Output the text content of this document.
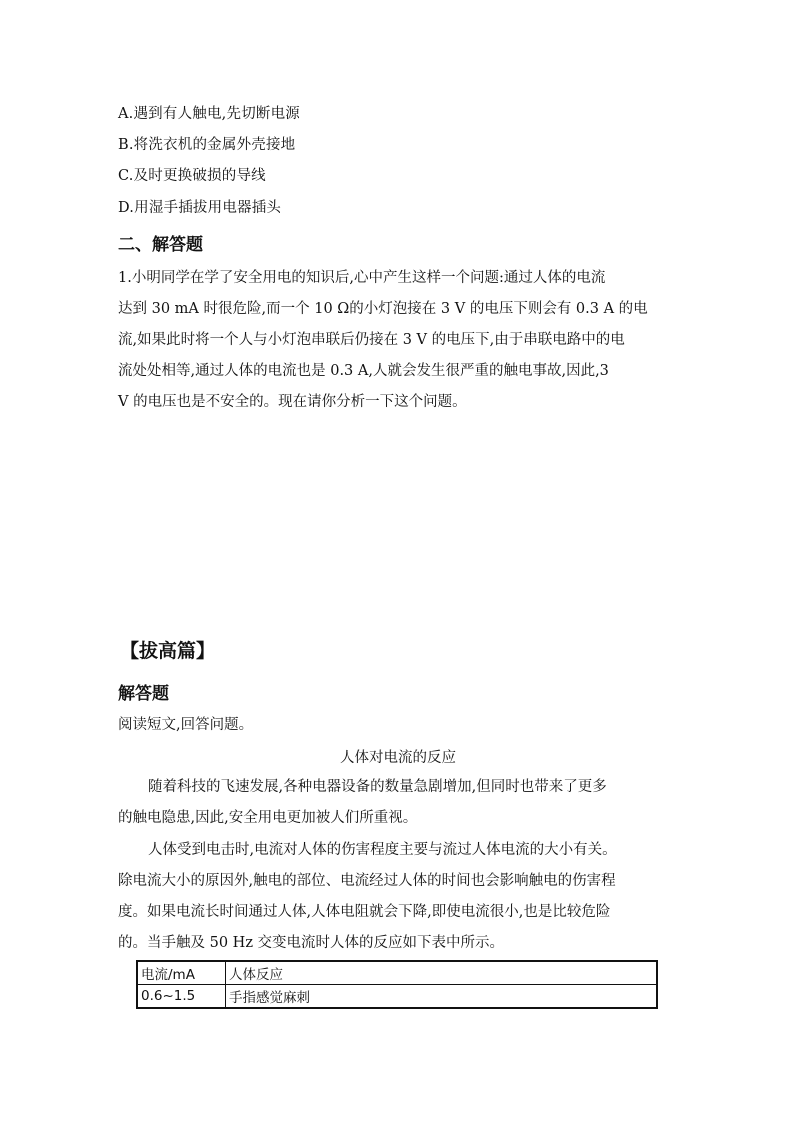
A.遇到有人触电,先切断电源
B.将洗衣机的金属外壳接地
C.及时更换破损的导线
D.用湿手插拔用电器插头
二、解答题
1.小明同学在学了安全用电的知识后,心中产生这样一个问题:通过人体的电流
达到 30 mA 时很危险,而一个 10 Ω的小灯泡接在 3 V 的电压下则会有 0.3 A 的电
流,如果此时将一个人与小灯泡串联后仍接在 3 V 的电压下,由于串联电路中的电
流处处相等,通过人体的电流也是 0.3 A,人就会发生很严重的触电事故,因此,3
V 的电压也是不安全的。现在请你分析一下这个问题。
【拔高篇】
解答题
阅读短文,回答问题。
人体对电流的反应
随着科技的飞速发展,各种电器设备的数量急剧增加,但同时也带来了更多
的触电隐患,因此,安全用电更加被人们所重视。
人体受到电击时,电流对人体的伤害程度主要与流过人体电流的大小有关。
除电流大小的原因外,触电的部位、电流经过人体的时间也会影响触电的伤害程
度。如果电流长时间通过人体,人体电阻就会下降,即使电流很小,也是比较危险
的。当手触及 50 Hz 交变电流时人体的反应如下表中所示。
电流/mA	人体反应
0.6~1.5	手指感觉麻刺
